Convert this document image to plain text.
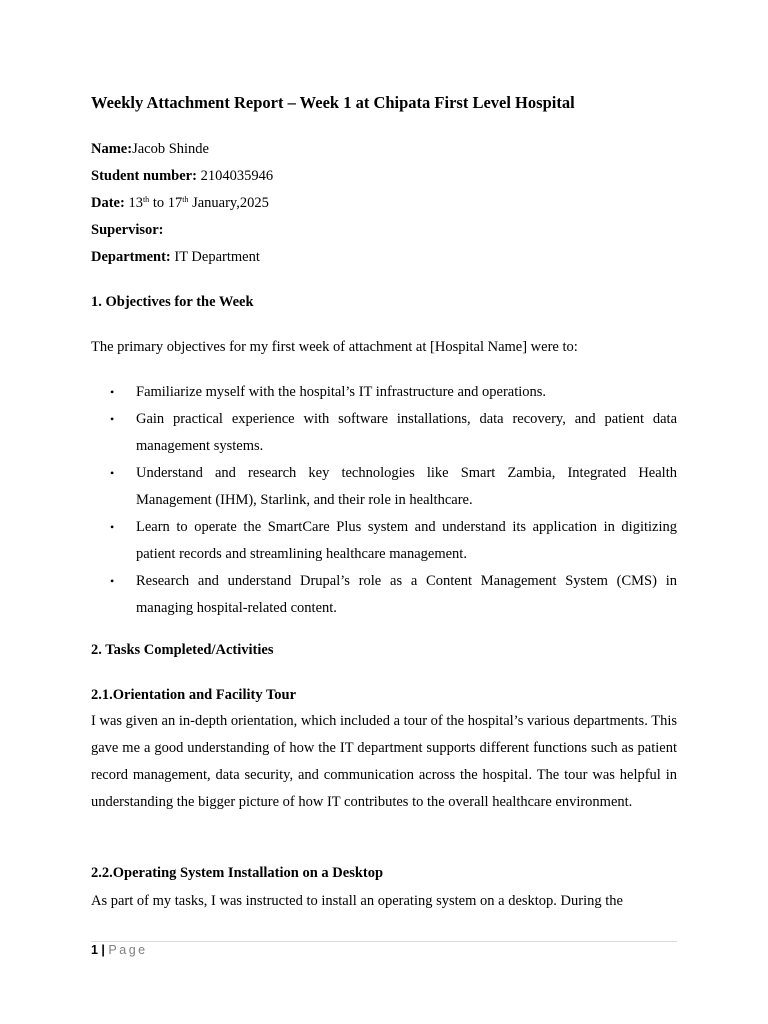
Weekly Attachment Report – Week 1 at Chipata First Level Hospital
Name:Jacob Shinde
Student number: 2104035946
Date: 13th to 17th January,2025
Supervisor:
Department: IT Department
1. Objectives for the Week
The primary objectives for my first week of attachment at [Hospital Name] were to:
• Familiarize myself with the hospital’s IT infrastructure and operations.
• Gain practical experience with software installations, data recovery, and patient data management systems.
• Understand and research key technologies like Smart Zambia, Integrated Health Management (IHM), Starlink, and their role in healthcare.
• Learn to operate the SmartCare Plus system and understand its application in digitizing patient records and streamlining healthcare management.
• Research and understand Drupal’s role as a Content Management System (CMS) in managing hospital-related content.
2. Tasks Completed/Activities
2.1.Orientation and Facility Tour
I was given an in-depth orientation, which included a tour of the hospital’s various departments. This gave me a good understanding of how the IT department supports different functions such as patient record management, data security, and communication across the hospital. The tour was helpful in understanding the bigger picture of how IT contributes to the overall healthcare environment.
2.2.Operating System Installation on a Desktop
As part of my tasks, I was instructed to install an operating system on a desktop. During the
1 | Page
